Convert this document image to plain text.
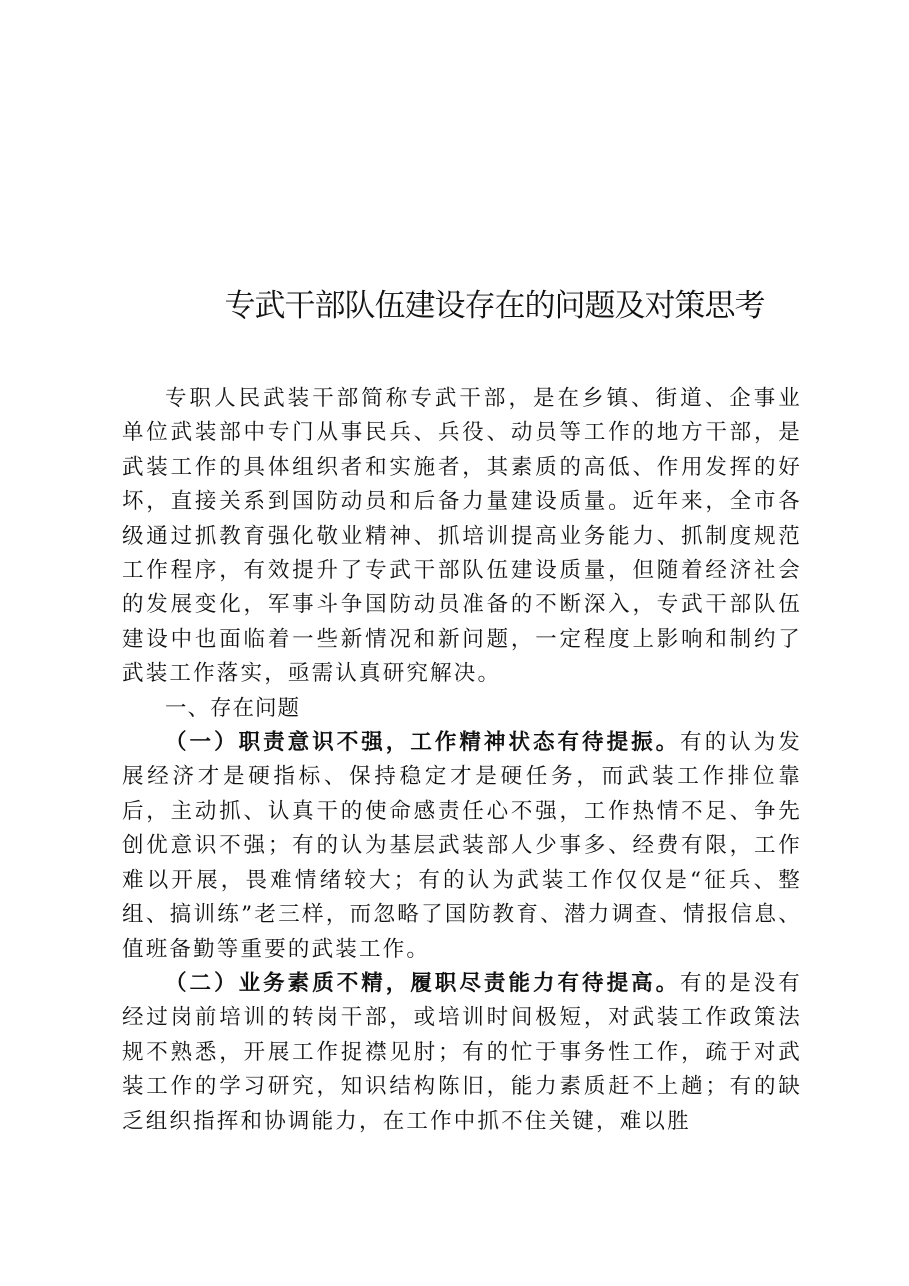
专武干部队伍建设存在的问题及对策思考

专职人民武装干部简称专武干部，是在乡镇、街道、企事业单位武装部中专门从事民兵、兵役、动员等工作的地方干部，是武装工作的具体组织者和实施者，其素质的高低、作用发挥的好坏，直接关系到国防动员和后备力量建设质量。近年来，全市各级通过抓教育强化敬业精神、抓培训提高业务能力、抓制度规范工作程序，有效提升了专武干部队伍建设质量，但随着经济社会的发展变化，军事斗争国防动员准备的不断深入，专武干部队伍建设中也面临着一些新情况和新问题，一定程度上影响和制约了武装工作落实，亟需认真研究解决。

一、存在问题

（一）职责意识不强，工作精神状态有待提振。有的认为发展经济才是硬指标、保持稳定才是硬任务，而武装工作排位靠后，主动抓、认真干的使命感责任心不强，工作热情不足、争先创优意识不强；有的认为基层武装部人少事多、经费有限，工作难以开展，畏难情绪较大；有的认为武装工作仅仅是“征兵、整组、搞训练”老三样，而忽略了国防教育、潜力调查、情报信息、值班备勤等重要的武装工作。

（二）业务素质不精，履职尽责能力有待提高。有的是没有经过岗前培训的转岗干部，或培训时间极短，对武装工作政策法规不熟悉，开展工作捉襟见肘；有的忙于事务性工作，疏于对武装工作的学习研究，知识结构陈旧，能力素质赶不上趟；有的缺乏组织指挥和协调能力，在工作中抓不住关键，难以胜
